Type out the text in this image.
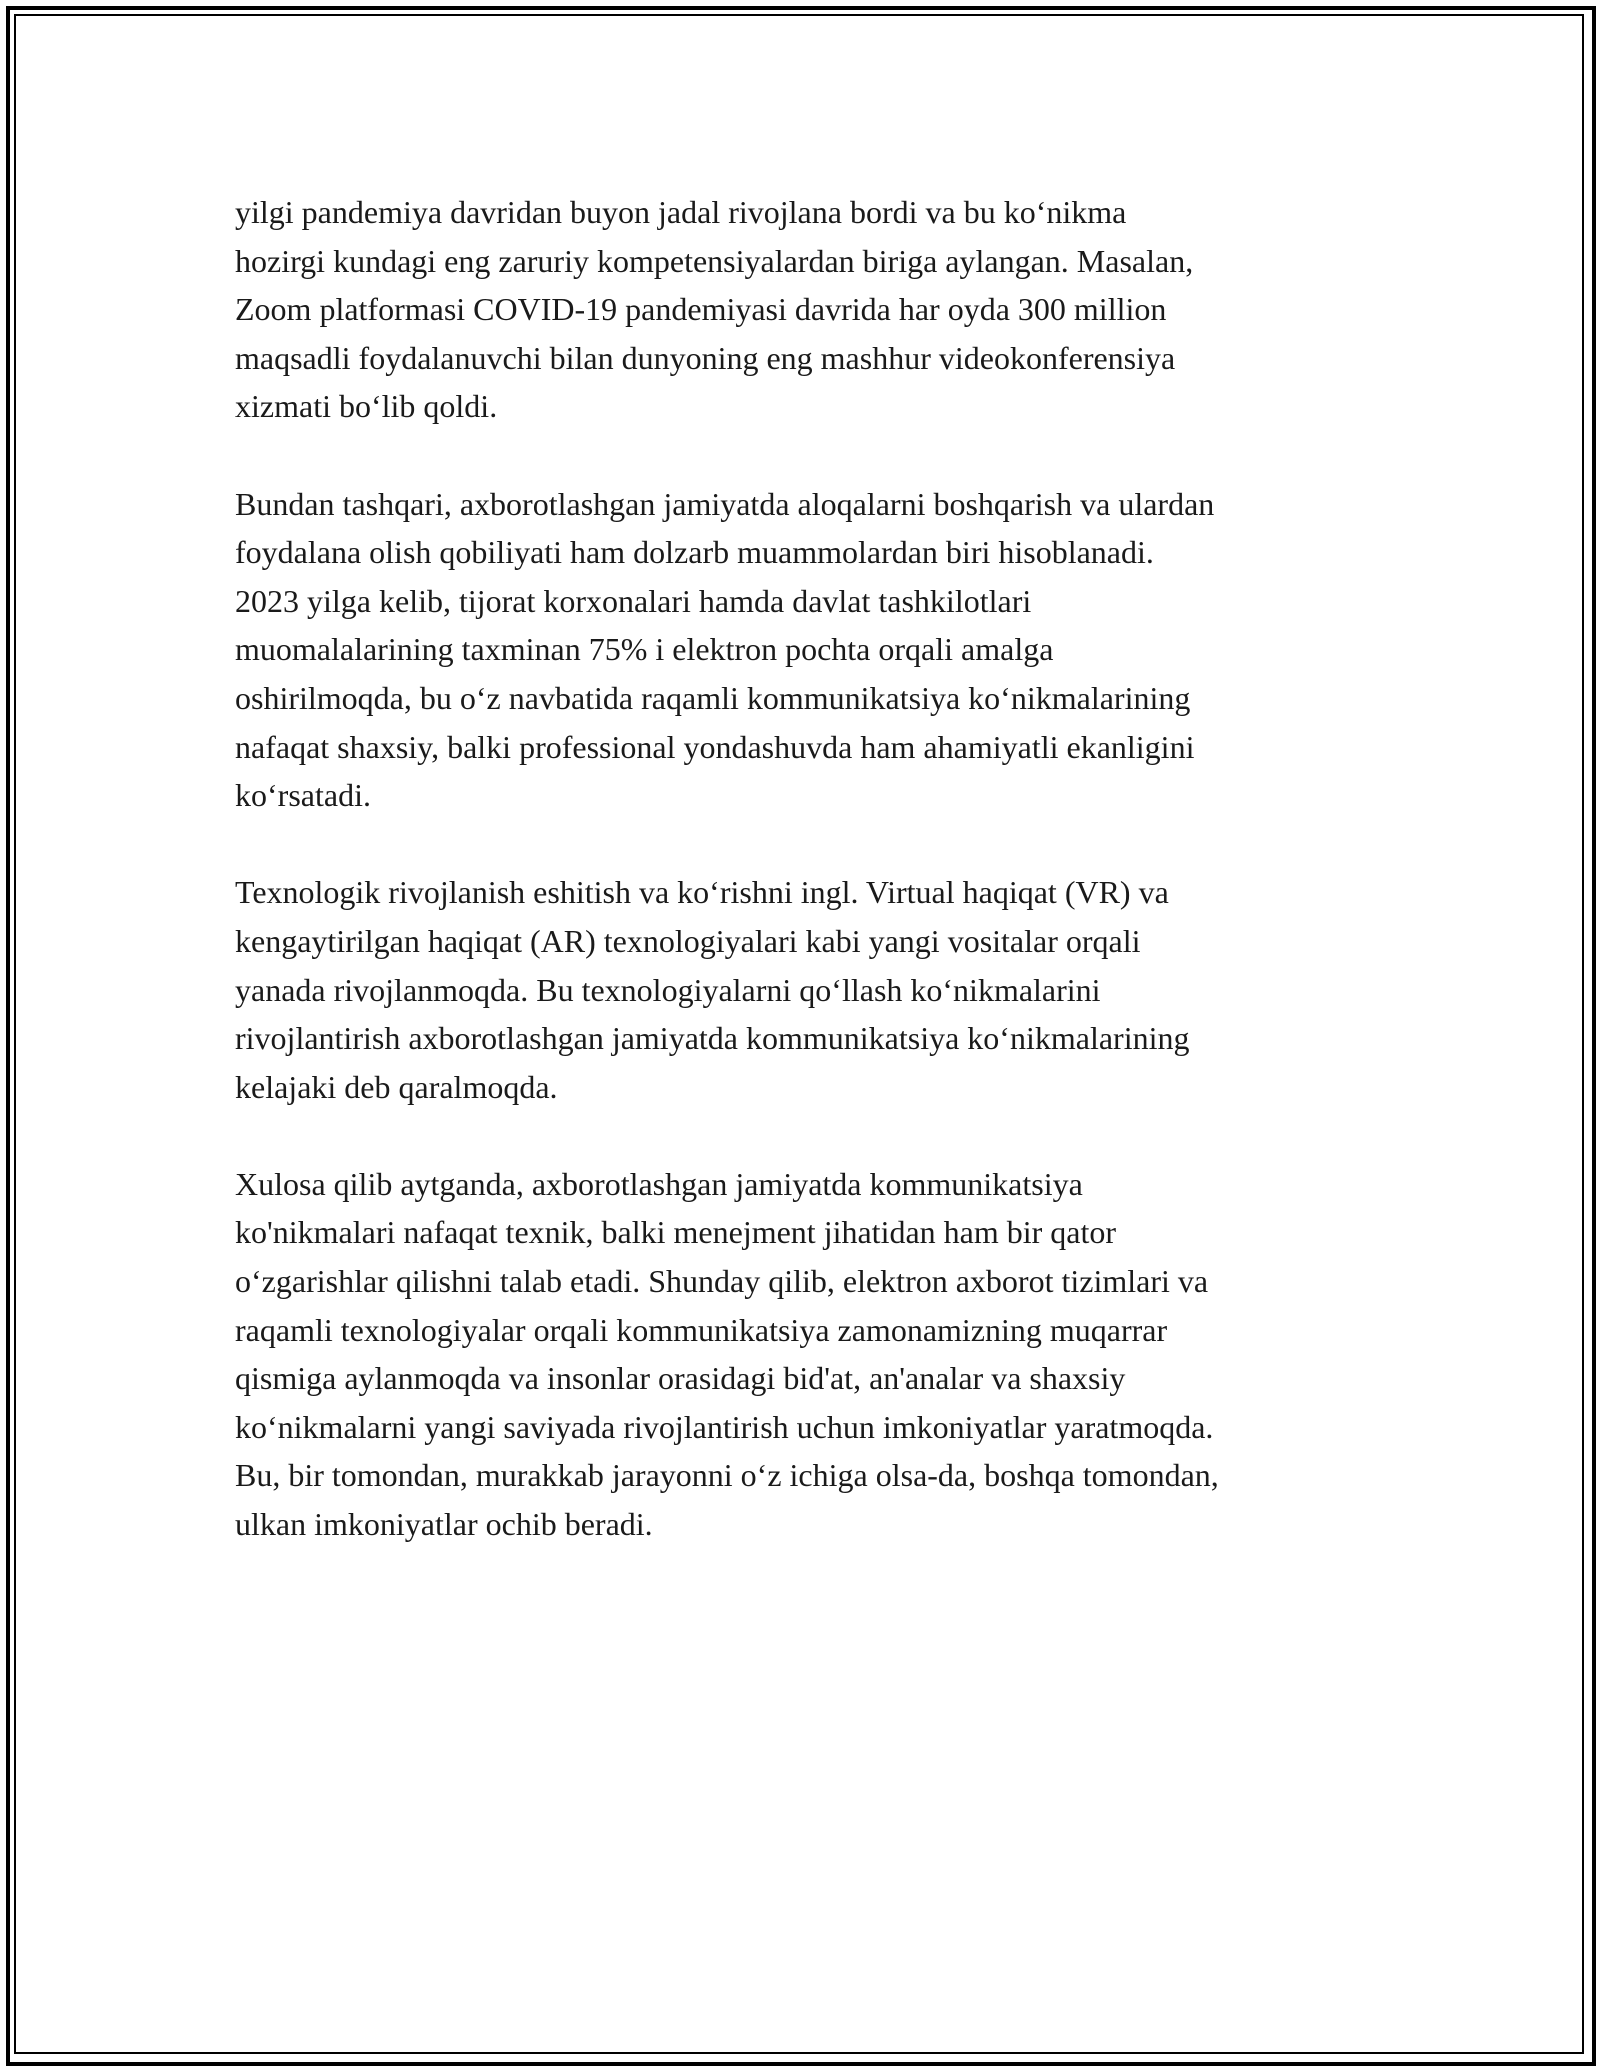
yilgi pandemiya davridan buyon jadal rivojlana bordi va bu ko‘nikma
hozirgi kundagi eng zaruriy kompetensiyalardan biriga aylangan. Masalan,
Zoom platformasi COVID-19 pandemiyasi davrida har oyda 300 million
maqsadli foydalanuvchi bilan dunyoning eng mashhur videokonferensiya
xizmati bo‘lib qoldi.

Bundan tashqari, axborotlashgan jamiyatda aloqalarni boshqarish va ulardan
foydalana olish qobiliyati ham dolzarb muammolardan biri hisoblanadi.
2023 yilga kelib, tijorat korxonalari hamda davlat tashkilotlari
muomalalarining taxminan 75% i elektron pochta orqali amalga
oshirilmoqda, bu o‘z navbatida raqamli kommunikatsiya ko‘nikmalarining
nafaqat shaxsiy, balki professional yondashuvda ham ahamiyatli ekanligini
ko‘rsatadi.

Texnologik rivojlanish eshitish va ko‘rishni ingl. Virtual haqiqat (VR) va
kengaytirilgan haqiqat (AR) texnologiyalari kabi yangi vositalar orqali
yanada rivojlanmoqda. Bu texnologiyalarni qo‘llash ko‘nikmalarini
rivojlantirish axborotlashgan jamiyatda kommunikatsiya ko‘nikmalarining
kelajaki deb qaralmoqda.

Xulosa qilib aytganda, axborotlashgan jamiyatda kommunikatsiya
ko'nikmalari nafaqat texnik, balki menejment jihatidan ham bir qator
o‘zgarishlar qilishni talab etadi. Shunday qilib, elektron axborot tizimlari va
raqamli texnologiyalar orqali kommunikatsiya zamonamizning muqarrar
qismiga aylanmoqda va insonlar orasidagi bid'at, an'analar va shaxsiy
ko‘nikmalarni yangi saviyada rivojlantirish uchun imkoniyatlar yaratmoqda.
Bu, bir tomondan, murakkab jarayonni o‘z ichiga olsa-da, boshqa tomondan,
ulkan imkoniyatlar ochib beradi.
